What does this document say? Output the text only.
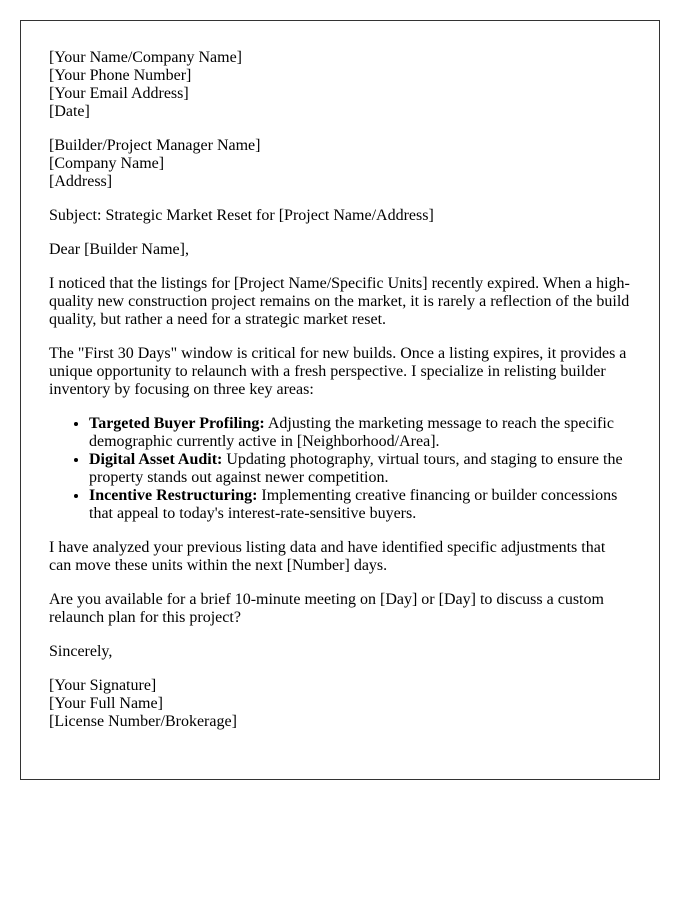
[Your Name/Company Name]
[Your Phone Number]
[Your Email Address]
[Date]
[Builder/Project Manager Name]
[Company Name]
[Address]

Subject: Strategic Market Reset for [Project Name/Address]

Dear [Builder Name],

I noticed that the listings for [Project Name/Specific Units] recently expired. When a high-quality new construction project remains on the market, it is rarely a reflection of the build quality, but rather a need for a strategic market reset.

The "First 30 Days" window is critical for new builds. Once a listing expires, it provides a unique opportunity to relaunch with a fresh perspective. I specialize in relisting builder inventory by focusing on three key areas:

• Targeted Buyer Profiling: Adjusting the marketing message to reach the specific demographic currently active in [Neighborhood/Area].
• Digital Asset Audit: Updating photography, virtual tours, and staging to ensure the property stands out against newer competition.
• Incentive Restructuring: Implementing creative financing or builder concessions that appeal to today's interest-rate-sensitive buyers.

I have analyzed your previous listing data and have identified specific adjustments that can move these units within the next [Number] days.

Are you available for a brief 10-minute meeting on [Day] or [Day] to discuss a custom relaunch plan for this project?

Sincerely,

[Your Signature]
[Your Full Name]
[License Number/Brokerage]
